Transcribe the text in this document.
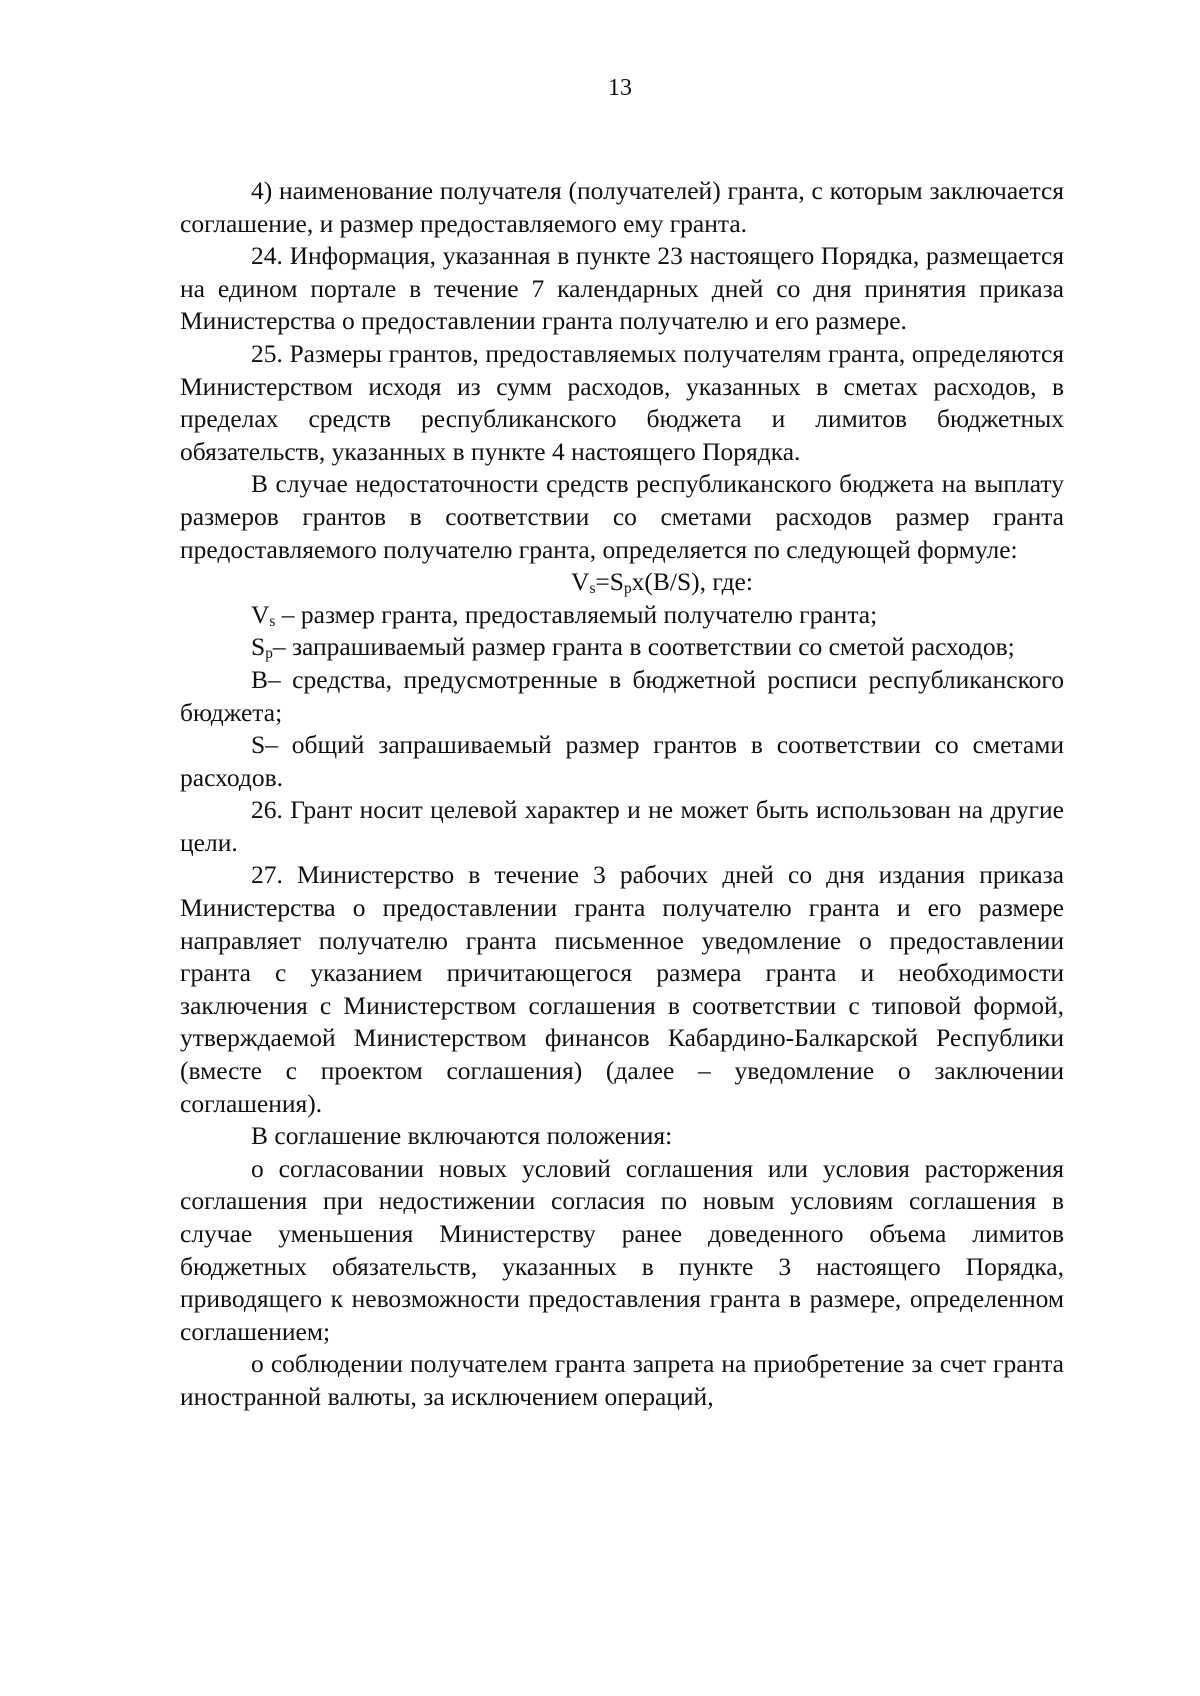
13

4) наименование получателя (получателей) гранта, с которым заключается соглашение, и размер предоставляемого ему гранта.

24. Информация, указанная в пункте 23 настоящего Порядка, размещается на едином портале в течение 7 календарных дней со дня принятия приказа Министерства о предоставлении гранта получателю и его размере.

25. Размеры грантов, предоставляемых получателям гранта, определяются Министерством исходя из сумм расходов, указанных в сметах расходов, в пределах средств республиканского бюджета и лимитов бюджетных обязательств, указанных в пункте 4 настоящего Порядка.

В случае недостаточности средств республиканского бюджета на выплату размеров грантов в соответствии со сметами расходов размер гранта предоставляемого получателю гранта, определяется по следующей формуле:

$V_s=S_px(B/S)$, где:

$V_s$ – размер гранта, предоставляемый получателю гранта;

$S_p-$ запрашиваемый размер гранта в соответствии со сметой расходов;

B– средства, предусмотренные в бюджетной росписи республиканского бюджета;

S– общий запрашиваемый размер грантов в соответствии со сметами расходов.

26. Грант носит целевой характер и не может быть использован на другие цели.

27. Министерство в течение 3 рабочих дней со дня издания приказа Министерства о предоставлении гранта получателю гранта и его размере направляет получателю гранта письменное уведомление о предоставлении гранта с указанием причитающегося размера гранта и необходимости заключения с Министерством соглашения в соответствии с типовой формой, утверждаемой Министерством финансов Кабардино-Балкарской Республики (вместе с проектом соглашения) (далее – уведомление о заключении соглашения).

В соглашение включаются положения:

о согласовании новых условий соглашения или условия расторжения соглашения при недостижении согласия по новым условиям соглашения в случае уменьшения Министерству ранее доведенного объема лимитов бюджетных обязательств, указанных в пункте 3 настоящего Порядка, приводящего к невозможности предоставления гранта в размере, определенном соглашением;

о соблюдении получателем гранта запрета на приобретение за счет гранта иностранной валюты, за исключением операций,
